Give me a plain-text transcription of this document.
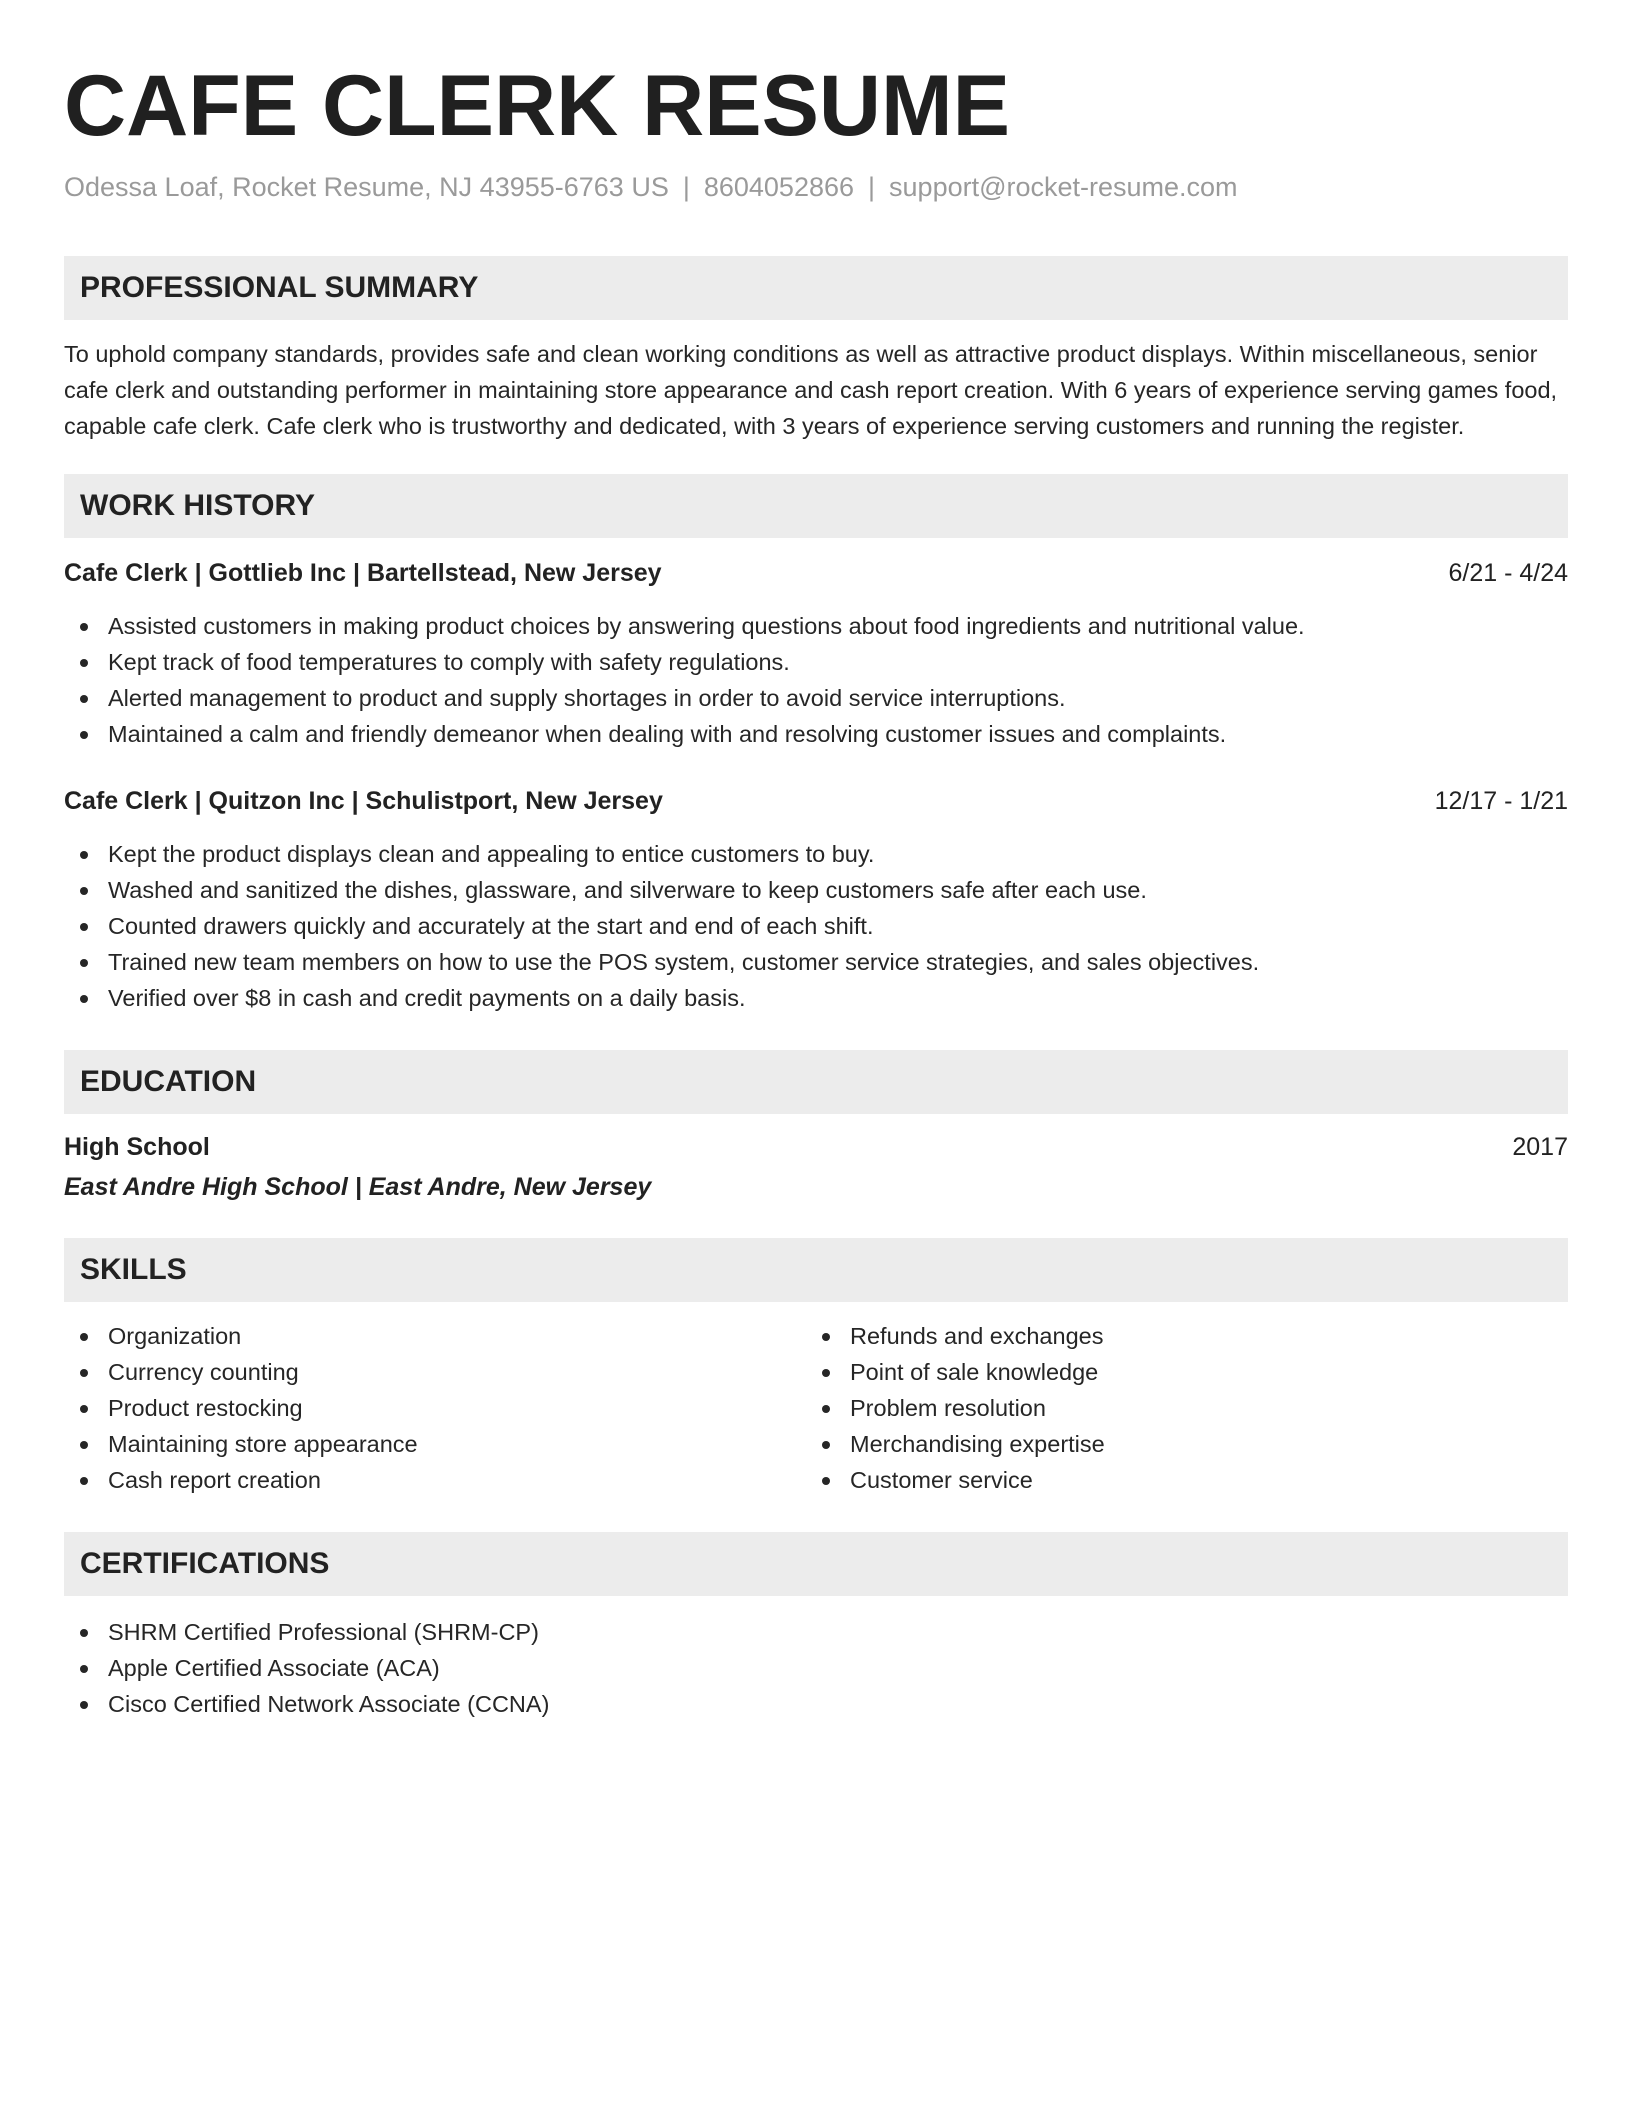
CAFE CLERK RESUME
Odessa Loaf, Rocket Resume, NJ 43955-6763 US | 8604052866 | support@rocket-resume.com
PROFESSIONAL SUMMARY

To uphold company standards, provides safe and clean working conditions as well as attractive product displays. Within miscellaneous, senior cafe clerk and outstanding performer in maintaining store appearance and cash report creation. With 6 years of experience serving games food, capable cafe clerk. Cafe clerk who is trustworthy and dedicated, with 3 years of experience serving customers and running the register.

WORK HISTORY
Cafe Clerk | Gottlieb Inc | Bartellstead, New Jersey	6/21 - 4/24
Assisted customers in making product choices by answering questions about food ingredients and nutritional value.
Kept track of food temperatures to comply with safety regulations.
Alerted management to product and supply shortages in order to avoid service interruptions.
Maintained a calm and friendly demeanor when dealing with and resolving customer issues and complaints.
Cafe Clerk | Quitzon Inc | Schulistport, New Jersey	12/17 - 1/21
Kept the product displays clean and appealing to entice customers to buy.
Washed and sanitized the dishes, glassware, and silverware to keep customers safe after each use.
Counted drawers quickly and accurately at the start and end of each shift.
Trained new team members on how to use the POS system, customer service strategies, and sales objectives.
Verified over $8 in cash and credit payments on a daily basis.
EDUCATION
High School	2017
East Andre High School | East Andre, New Jersey
SKILLS
Organization
Currency counting
Product restocking
Maintaining store appearance
Cash report creation
Refunds and exchanges
Point of sale knowledge
Problem resolution
Merchandising expertise
Customer service
CERTIFICATIONS
SHRM Certified Professional (SHRM-CP)
Apple Certified Associate (ACA)
Cisco Certified Network Associate (CCNA)
